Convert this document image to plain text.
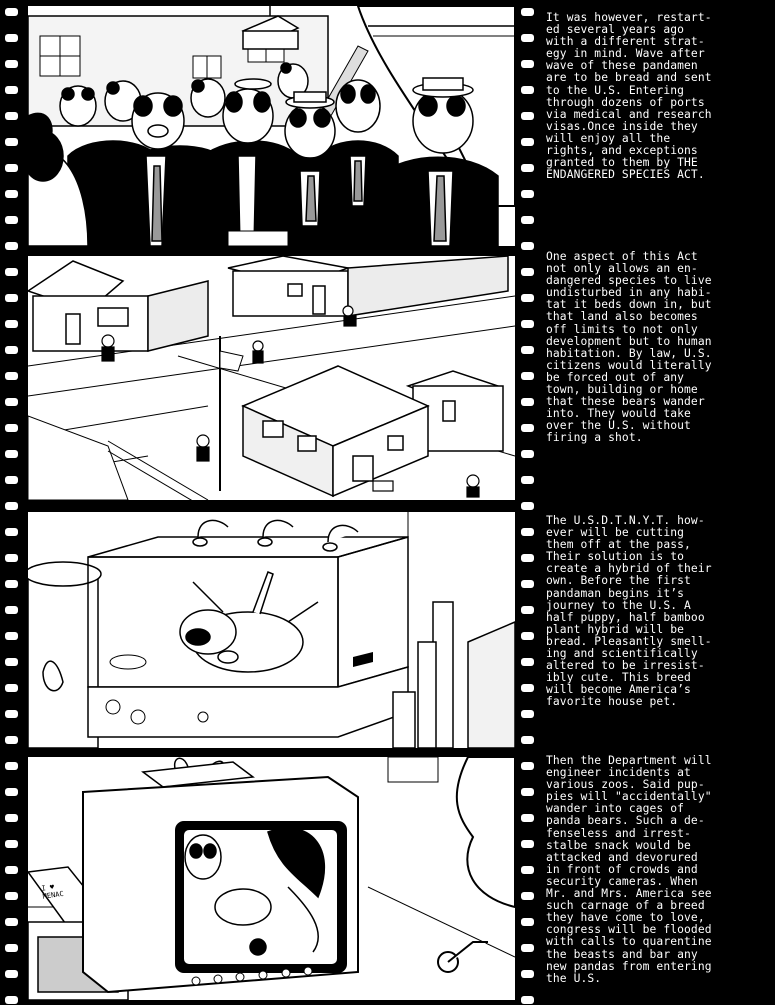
I ♥
MENAC
It was however, restart-
ed several years ago
with a different strat-
egy in mind. Wave after
wave of these pandamen
are to be bread and sent
to the U.S. Entering
through dozens of ports
via medical and research
visas.Once inside they
will enjoy all the
rights, and exceptions
granted to them by THE
ENDANGERED SPECIES ACT.
One aspect of this Act
not only allows an en-
dangered species to live
undisturbed in any habi-
tat it beds down in, but
that land also becomes
off limits to not only
development but to human
habitation. By law, U.S.
citizens would literally
be forced out of any
town, building or home
that these bears wander
into. They would take
over the U.S. without
firing a shot.
The U.S.D.T.N.Y.T. how-
ever will be cutting
them off at the pass,
Their solution is to
create a hybrid of their
own. Before the first
pandaman begins it’s
journey to the U.S. A
half puppy, half bamboo
plant hybrid will be
bread. Pleasantly smell-
ing and scientifically
altered to be irresist-
ibly cute. This breed
will become America’s
favorite house pet.
Then the Department will
engineer incidents at
various zoos. Said pup-
pies will "accidentally"
wander into cages of
panda bears. Such a de-
fenseless and irrest-
stalbe snack would be
attacked and devorured
in front of crowds and
security cameras. When
Mr. and Mrs. America see
such carnage of a breed
they have come to love,
congress will be flooded
with calls to quarentine
the beasts and bar any
new pandas from entering
the U.S.
